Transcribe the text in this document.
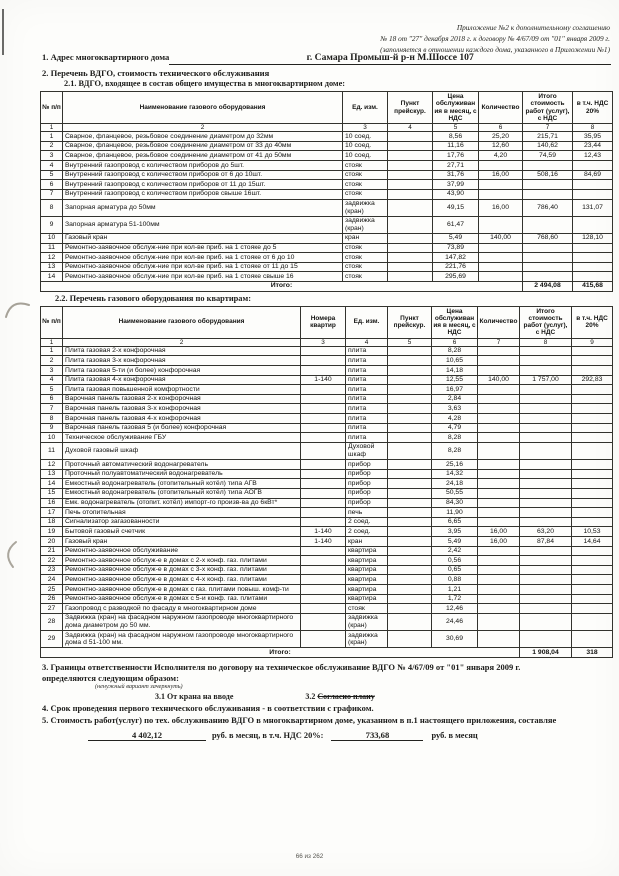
Приложение №2 к дополнительному соглашению
№ 18 от "27" декабря 2018 г. к договору № 4/67/09 от "01" января 2009 г.
(заполняется в отношении каждого дома, указанного в Приложении №1)
1. Адрес многоквартирного дома	г. Самара Промыш-й р-н М.Шоссе 107
2. Перечень ВДГО, стоимость технического обслуживания
2.1. ВДГО, входящее в состав общего имущества в многоквартирном доме:
№ п/п	Наименование газового оборудования	Ед. изм.	Пункт прейскур.	Цена обслуживания в месяц, с НДС	Количество	Итого стоимость работ (услуг), с НДС	в т.ч. НДС 20%
1	2	3	4	5	6	7	8
1	Сварное, фланцевое, резьбовое соединение диаметром до 32мм	10 соед.		8,56	25,20	215,71	35,95
2	Сварное, фланцевое, резьбовое соединение диаметром от 33 до 40мм	10 соед.		11,16	12,60	140,62	23,44
3	Сварное, фланцевое, резьбовое соединение диаметром от 41 до 50мм	10 соед.		17,76	4,20	74,59	12,43
4	Внутренний газопровод с количеством приборов до 5шт.	стояк		27,71			
5	Внутренний газопровод с количеством приборов от 6 до 10шт.	стояк		31,76	16,00	508,16	84,69
6	Внутренний газопровод с количеством приборов от 11 до 15шт.	стояк		37,99			
7	Внутренний газопровод с количеством приборов свыше 16шт.	стояк		43,90			
8	Запорная арматура до 50мм	задвижка (кран)		49,15	16,00	786,40	131,07
9	Запорная арматура 51-100мм	задвижка (кран)		61,47			
10	Газовый кран	кран		5,49	140,00	768,60	128,10
11	Ремонтно-заявочное обслуж-ние при кол-ве приб. на 1 стояке до 5	стояк		73,89			
12	Ремонтно-заявочное обслуж-ние при кол-ве приб. на 1 стояке от 6 до 10	стояк		147,82			
13	Ремонтно-заявочное обслуж-ние при кол-ве приб. на 1 стояке от 11 до 15	стояк		221,76			
14	Ремонтно-заявочное обслуж-ние при кол-ве приб. на 1 стояке свыше 16	стояк		295,69			
Итого:						2 494,08	415,68
2.2. Перечень газового оборудования по квартирам:
№ п/п	Наименование газового оборудования	Номера квартир	Ед. изм.	Пункт прейскур.	Цена обслуживания в месяц, с НДС	Количество	Итого стоимость работ (услуг), с НДС	в т.ч. НДС 20%
1	2	3	4	5	6	7	8	9
1	Плита газовая 2-х конфорочная		плита		8,28			
2	Плита газовая 3-х конфорочная		плита		10,65			
3	Плита газовая 5-ти (и более) конфорочная		плита		14,18			
4	Плита газовая 4-х конфорочная	1-140	плита		12,55	140,00	1 757,00	292,83
5	Плита газовая повышенной комфортности		плита		16,97			
6	Варочная панель газовая 2-х конфорочная		плита		2,84			
7	Варочная панель газовая 3-х конфорочная		плита		3,63			
8	Варочная панель газовая 4-х конфорочная		плита		4,28			
9	Варочная панель газовая 5 (и более) конфорочная		плита		4,79			
10	Техническое обслуживание ГБУ		плита		8,28			
11	Духовой газовый шкаф		Духовой шкаф		8,28			
12	Проточный автоматический водонагреватель		прибор		25,16			
13	Проточный полуавтоматический водонагреватель		прибор		14,32			
14	Емкостный водонагреватель (отопительный котёл) типа АГВ		прибор		24,18			
15	Емкостный водонагреватель (отопительный котёл) типа АОГВ		прибор		50,55			
16	Емк. водонагреватель (отопит. котёл) импорт-го произв-ва до 6кВт*		прибор		84,30			
17	Печь отопительная		печь		11,90			
18	Сигнализатор загазованности		2 соед.		6,65			
19	Бытовой газовый счетчик	1-140	2 соед.		3,95	16,00	63,20	10,53
20	Газовый кран	1-140	кран		5,49	16,00	87,84	14,64
21	Ремонтно-заявочное обслуживание		квартира		2,42			
22	Ремонтно-заявочное обслуж-е в домах с 2-х конф. газ. плитами		квартира		0,56			
23	Ремонтно-заявочное обслуж-е в домах с 3-х конф. газ. плитами		квартира		0,65			
24	Ремонтно-заявочное обслуж-е в домах с 4-х конф. газ. плитами		квартира		0,88			
25	Ремонтно-заявочное обслуж-е в домах с газ. плитами повыш. комф-ти		квартира		1,21			
26	Ремонтно-заявочное обслуж-е в домах с 5-и конф. газ. плитами		квартира		1,72			
27	Газопровод с разводкой по фасаду в многоквартирном доме		стояк		12,46			
28	Задвижка (кран) на фасадном наружном газопроводе многоквартирного дома диаметром до 50 мм.		задвижка (кран)		24,46			
29	Задвижка (кран) на фасадном наружном газопроводе многоквартирного дома d 51-100 мм.		задвижка (кран)		30,69			
Итого:							1 908,04	318
3. Границы ответственности Исполнителя по договору на техническое обслуживание ВДГО № 4/67/09 от "01" января 2009 г.
определяются следующим образом:
(ненужный вариант зачеркнуть)
3.1 От крана на вводе	3.2 Согласно плану
4. Срок проведения первого технического обслуживания - в соответствии с графиком.
5. Стоимость работ(услуг) по тех. обслуживанию ВДГО в многоквартирном доме, указанном в п.1 настоящего приложения, составляе
4 402,12	руб. в месяц, в т.ч. НДС 20%:	733,68	руб. в месяц
66 из 262
